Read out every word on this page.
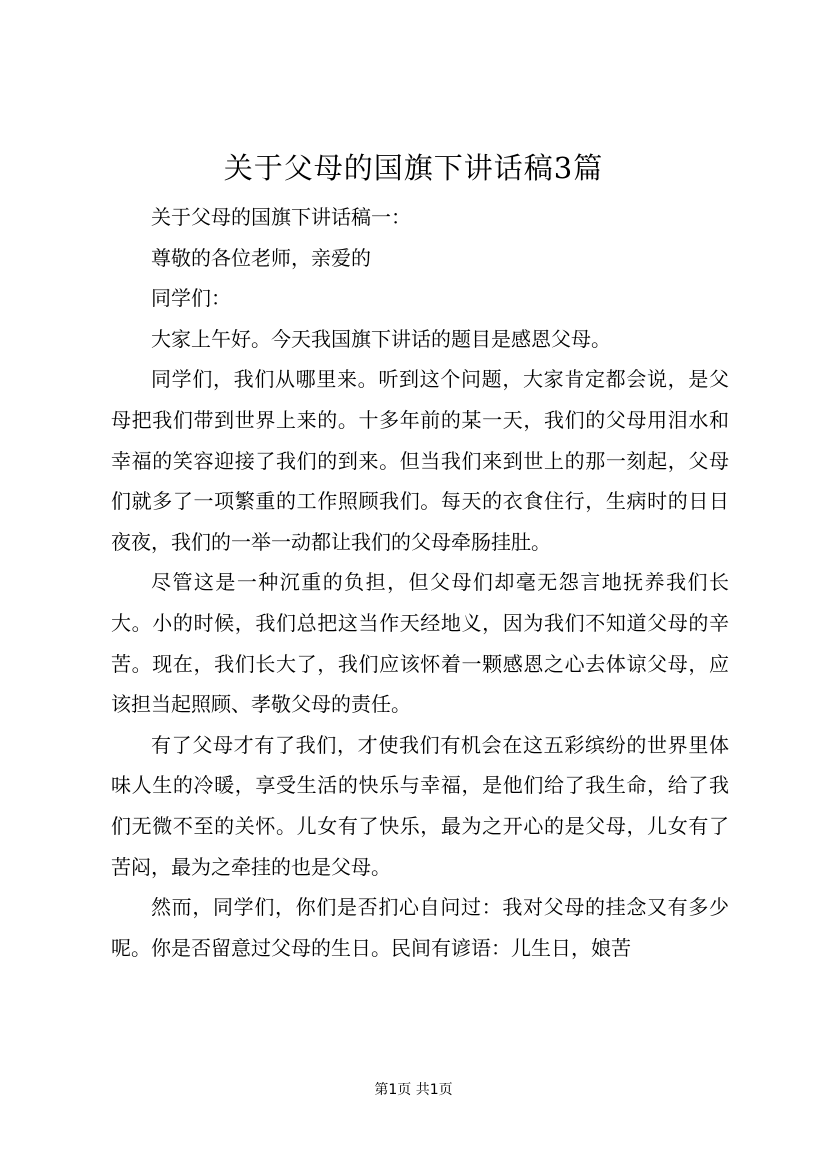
关于父母的国旗下讲话稿3篇

关于父母的国旗下讲话稿一：

尊敬的各位老师，亲爱的

同学们：

大家上午好。今天我国旗下讲话的题目是感恩父母。

同学们，我们从哪里来。听到这个问题，大家肯定都会说，是父母把我们带到世界上来的。十多年前的某一天，我们的父母用泪水和幸福的笑容迎接了我们的到来。但当我们来到世上的那一刻起，父母们就多了一项繁重的工作照顾我们。每天的衣食住行，生病时的日日夜夜，我们的一举一动都让我们的父母牵肠挂肚。

尽管这是一种沉重的负担，但父母们却毫无怨言地抚养我们长大。小的时候，我们总把这当作天经地义，因为我们不知道父母的辛苦。现在，我们长大了，我们应该怀着一颗感恩之心去体谅父母，应该担当起照顾、孝敬父母的责任。

有了父母才有了我们，才使我们有机会在这五彩缤纷的世界里体味人生的冷暖，享受生活的快乐与幸福，是他们给了我生命，给了我们无微不至的关怀。儿女有了快乐，最为之开心的是父母，儿女有了苦闷，最为之牵挂的也是父母。

然而，同学们，你们是否扪心自问过：我对父母的挂念又有多少呢。你是否留意过父母的生日。民间有谚语：儿生日，娘苦

第1页 共1页
